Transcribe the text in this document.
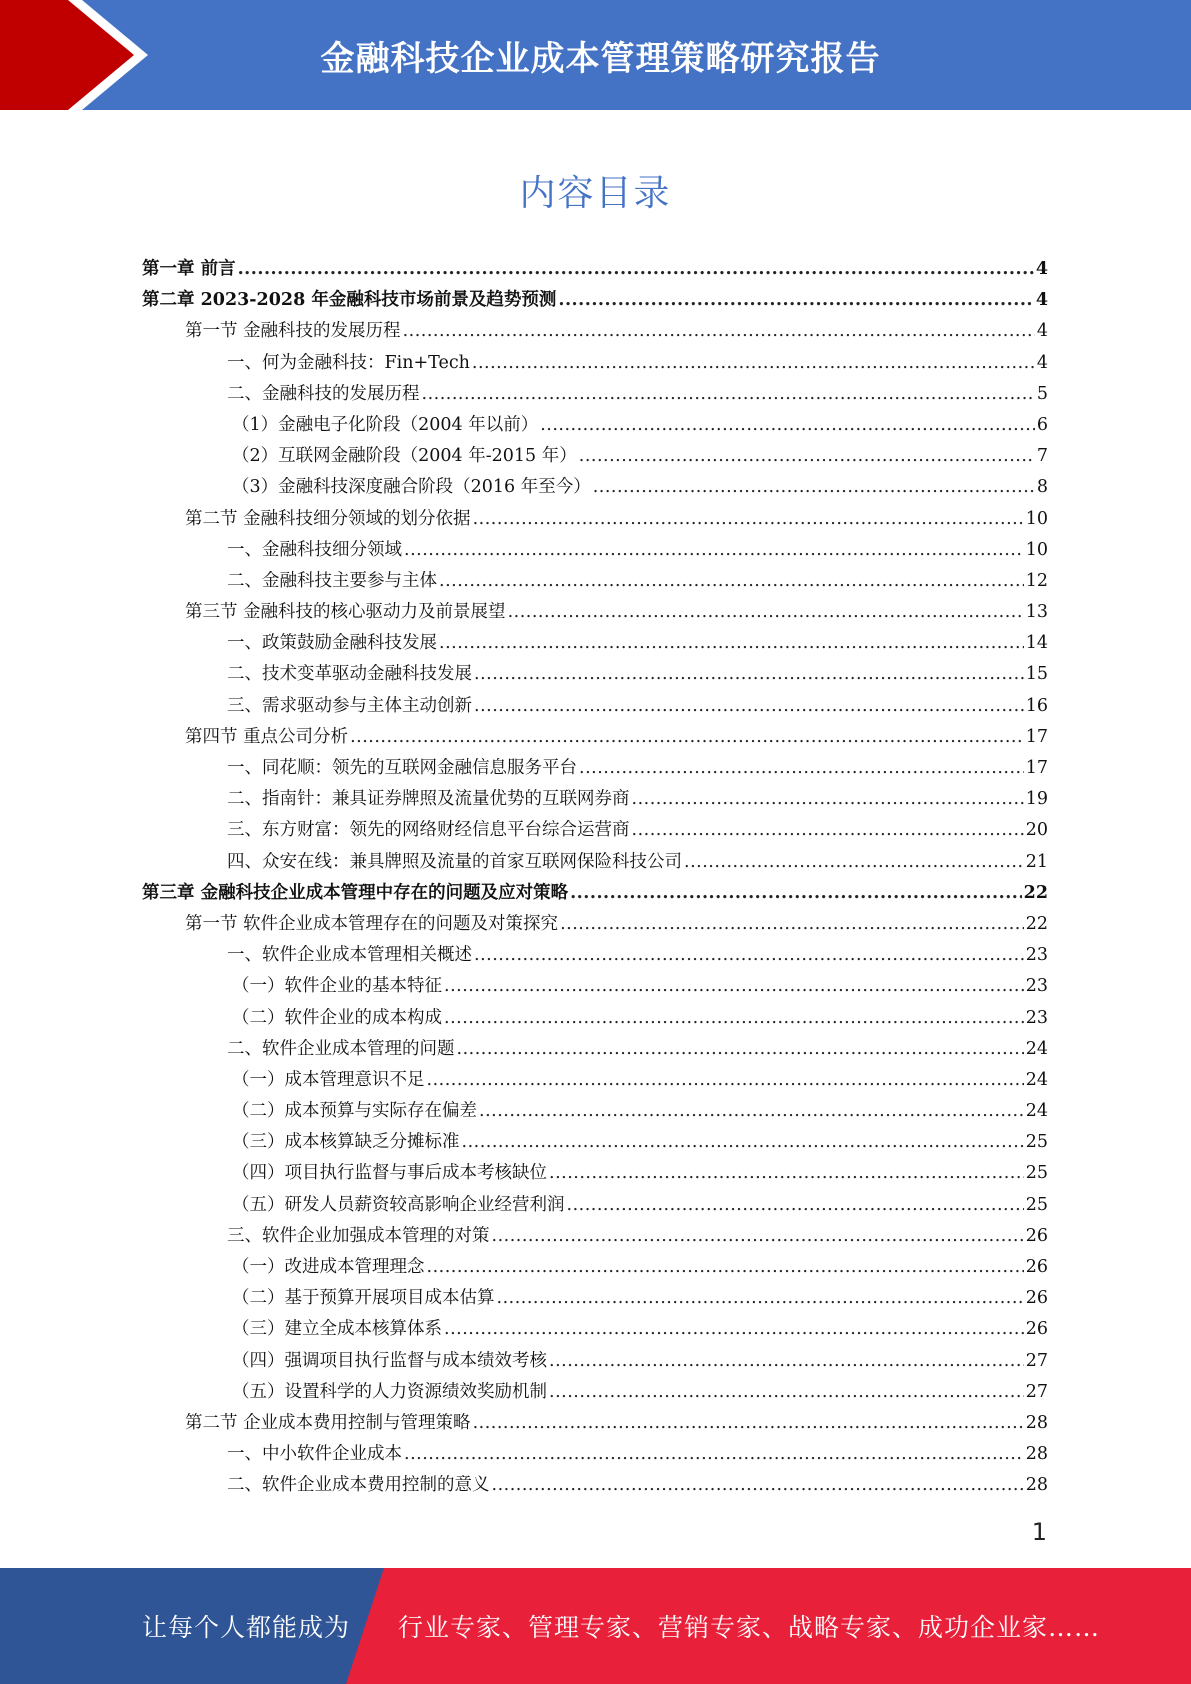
金融科技企业成本管理策略研究报告
内容目录
第一章 前言 .....	4
第二章 2023-2028 年金融科技市场前景及趋势预测 .....	4
第一节 金融科技的发展历程 .....	4
一、何为金融科技：Fin+Tech .....	4
二、金融科技的发展历程 .....	5
（1）金融电子化阶段（2004 年以前） .....	6
（2）互联网金融阶段（2004 年-2015 年） .....	7
（3）金融科技深度融合阶段（2016 年至今） .....	8
第二节 金融科技细分领域的划分依据 .....	10
一、金融科技细分领域 .....	10
二、金融科技主要参与主体 .....	12
第三节 金融科技的核心驱动力及前景展望 .....	13
一、政策鼓励金融科技发展 .....	14
二、技术变革驱动金融科技发展 .....	15
三、需求驱动参与主体主动创新 .....	16
第四节 重点公司分析 .....	17
一、同花顺：领先的互联网金融信息服务平台 .....	17
二、指南针：兼具证券牌照及流量优势的互联网券商 .....	19
三、东方财富：领先的网络财经信息平台综合运营商 .....	20
四、众安在线：兼具牌照及流量的首家互联网保险科技公司 .....	21
第三章 金融科技企业成本管理中存在的问题及应对策略 .....	22
第一节 软件企业成本管理存在的问题及对策探究 .....	22
一、软件企业成本管理相关概述 .....	23
（一）软件企业的基本特征 .....	23
（二）软件企业的成本构成 .....	23
二、软件企业成本管理的问题 .....	24
（一）成本管理意识不足 .....	24
（二）成本预算与实际存在偏差 .....	24
（三）成本核算缺乏分摊标准 .....	25
（四）项目执行监督与事后成本考核缺位 .....	25
（五）研发人员薪资较高影响企业经营利润 .....	25
三、软件企业加强成本管理的对策 .....	26
（一）改进成本管理理念 .....	26
（二）基于预算开展项目成本估算 .....	26
（三）建立全成本核算体系 .....	26
（四）强调项目执行监督与成本绩效考核 .....	27
（五）设置科学的人力资源绩效奖励机制 .....	27
第二节 企业成本费用控制与管理策略 .....	28
一、中小软件企业成本 .....	28
二、软件企业成本费用控制的意义 .....	28
1
让每个人都能成为 行业专家、管理专家、营销专家、战略专家、成功企业家……
